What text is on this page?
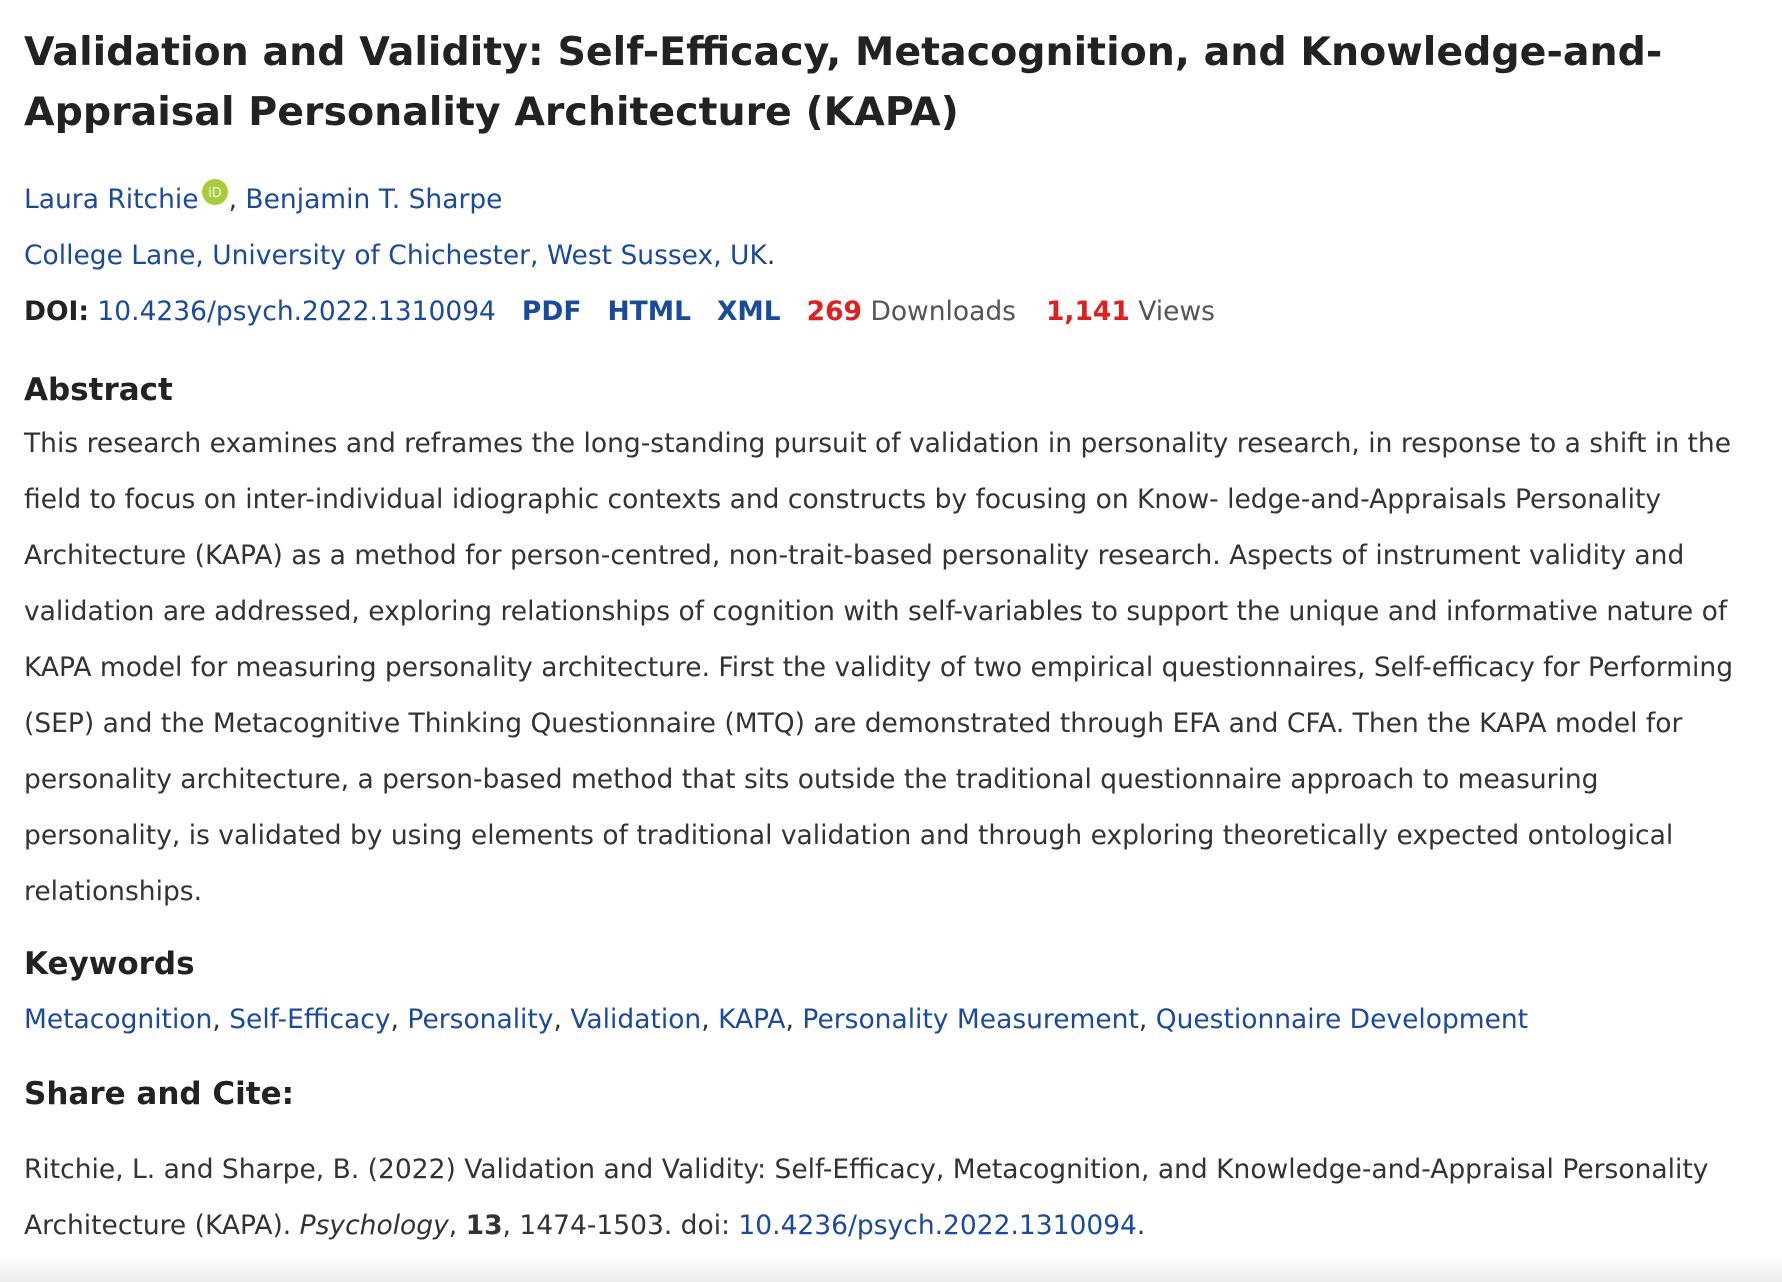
Validation and Validity: Self-Efficacy, Metacognition, and Knowledge-and-Appraisal Personality Architecture (KAPA)
Laura Ritchie iD , Benjamin T. Sharpe
College Lane, University of Chichester, West Sussex, UK.
DOI: 10.4236/psych.2022.1310094 PDF HTML XML 269 Downloads 1,141 Views
Abstract
This research examines and reframes the long-standing pursuit of validation in personality research, in response to a shift in the field to focus on inter-individual idiographic contexts and constructs by focusing on Know- ledge-and-Appraisals Personality Architecture (KAPA) as a method for person-centred, non-trait-based personality research. Aspects of instrument validity and validation are addressed, exploring relationships of cognition with self-variables to support the unique and informative nature of KAPA model for measuring personality architecture. First the validity of two empirical questionnaires, Self-efficacy for Performing (SEP) and the Metacognitive Thinking Questionnaire (MTQ) are demonstrated through EFA and CFA. Then the KAPA model for personality architecture, a person-based method that sits outside the traditional questionnaire approach to measuring personality, is validated by using elements of traditional validation and through exploring theoretically expected ontological relationships.
Keywords
Metacognition, Self-Efficacy, Personality, Validation, KAPA, Personality Measurement, Questionnaire Development
Share and Cite:
Ritchie, L. and Sharpe, B. (2022) Validation and Validity: Self-Efficacy, Metacognition, and Knowledge-and-Appraisal Personality Architecture (KAPA). Psychology, 13, 1474-1503. doi: 10.4236/psych.2022.1310094.
